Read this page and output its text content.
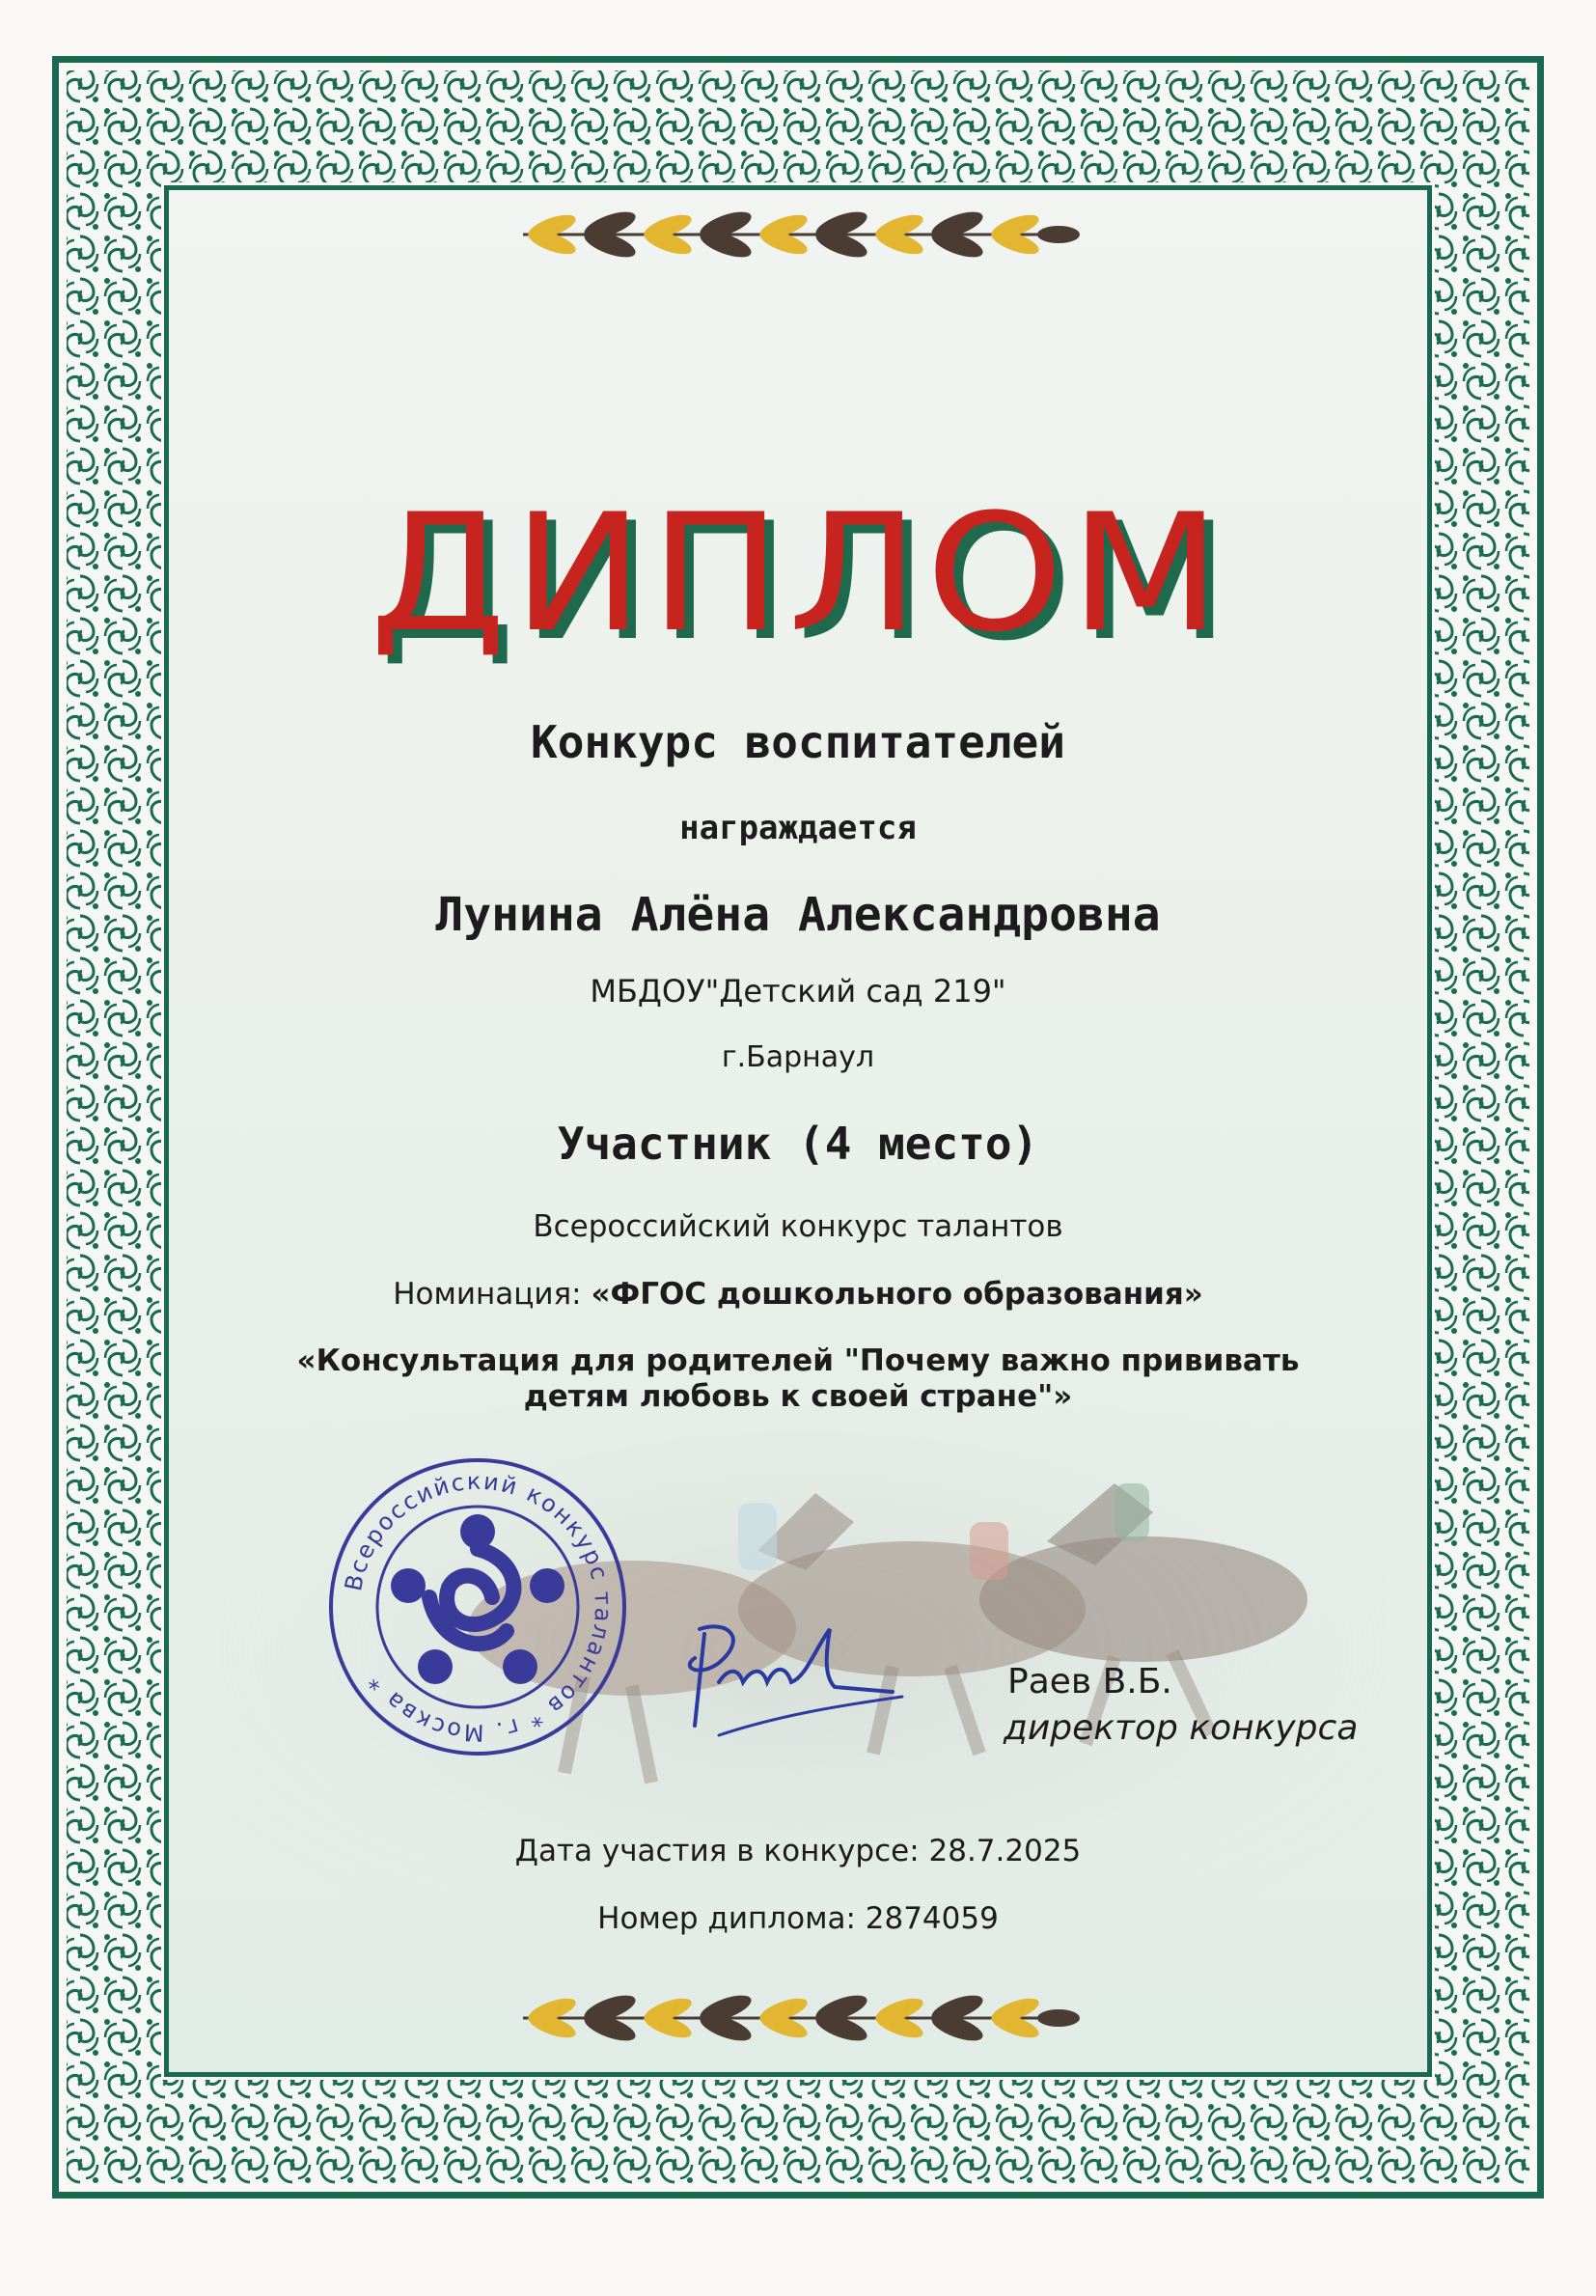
ДИПЛОМ
Конкурс воспитателей
награждается
Лунина Алёна Александровна
МБДОУ"Детский сад 219"
г.Барнаул
Участник (4 место)
Всероссийский конкурс талантов
Номинация: «ФГОС дошкольного образования»
«Консультация для родителей "Почему важно прививать
детям любовь к своей стране"»
Всероссийский конкурс талантов * г. Москва *	Раев В.Б.
директор конкурса
Дата участия в конкурсе: 28.7.2025
Номер диплома: 2874059
